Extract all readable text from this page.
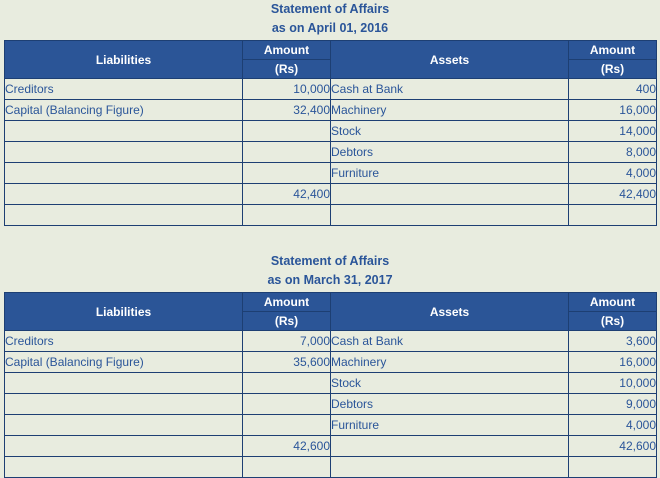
Statement of Affairs
as on April 01, 2016
Liabilities	Amount	Assets	Amount
	(Rs)		(Rs)
Creditors	10,000	Cash at Bank	400
Capital (Balancing Figure)	32,400	Machinery	16,000
		Stock	14,000
		Debtors	8,000
		Furniture	4,000
	42,400		42,400

Statement of Affairs
as on March 31, 2017
Liabilities	Amount	Assets	Amount
	(Rs)		(Rs)
Creditors	7,000	Cash at Bank	3,600
Capital (Balancing Figure)	35,600	Machinery	16,000
		Stock	10,000
		Debtors	9,000
		Furniture	4,000
	42,600		42,600
